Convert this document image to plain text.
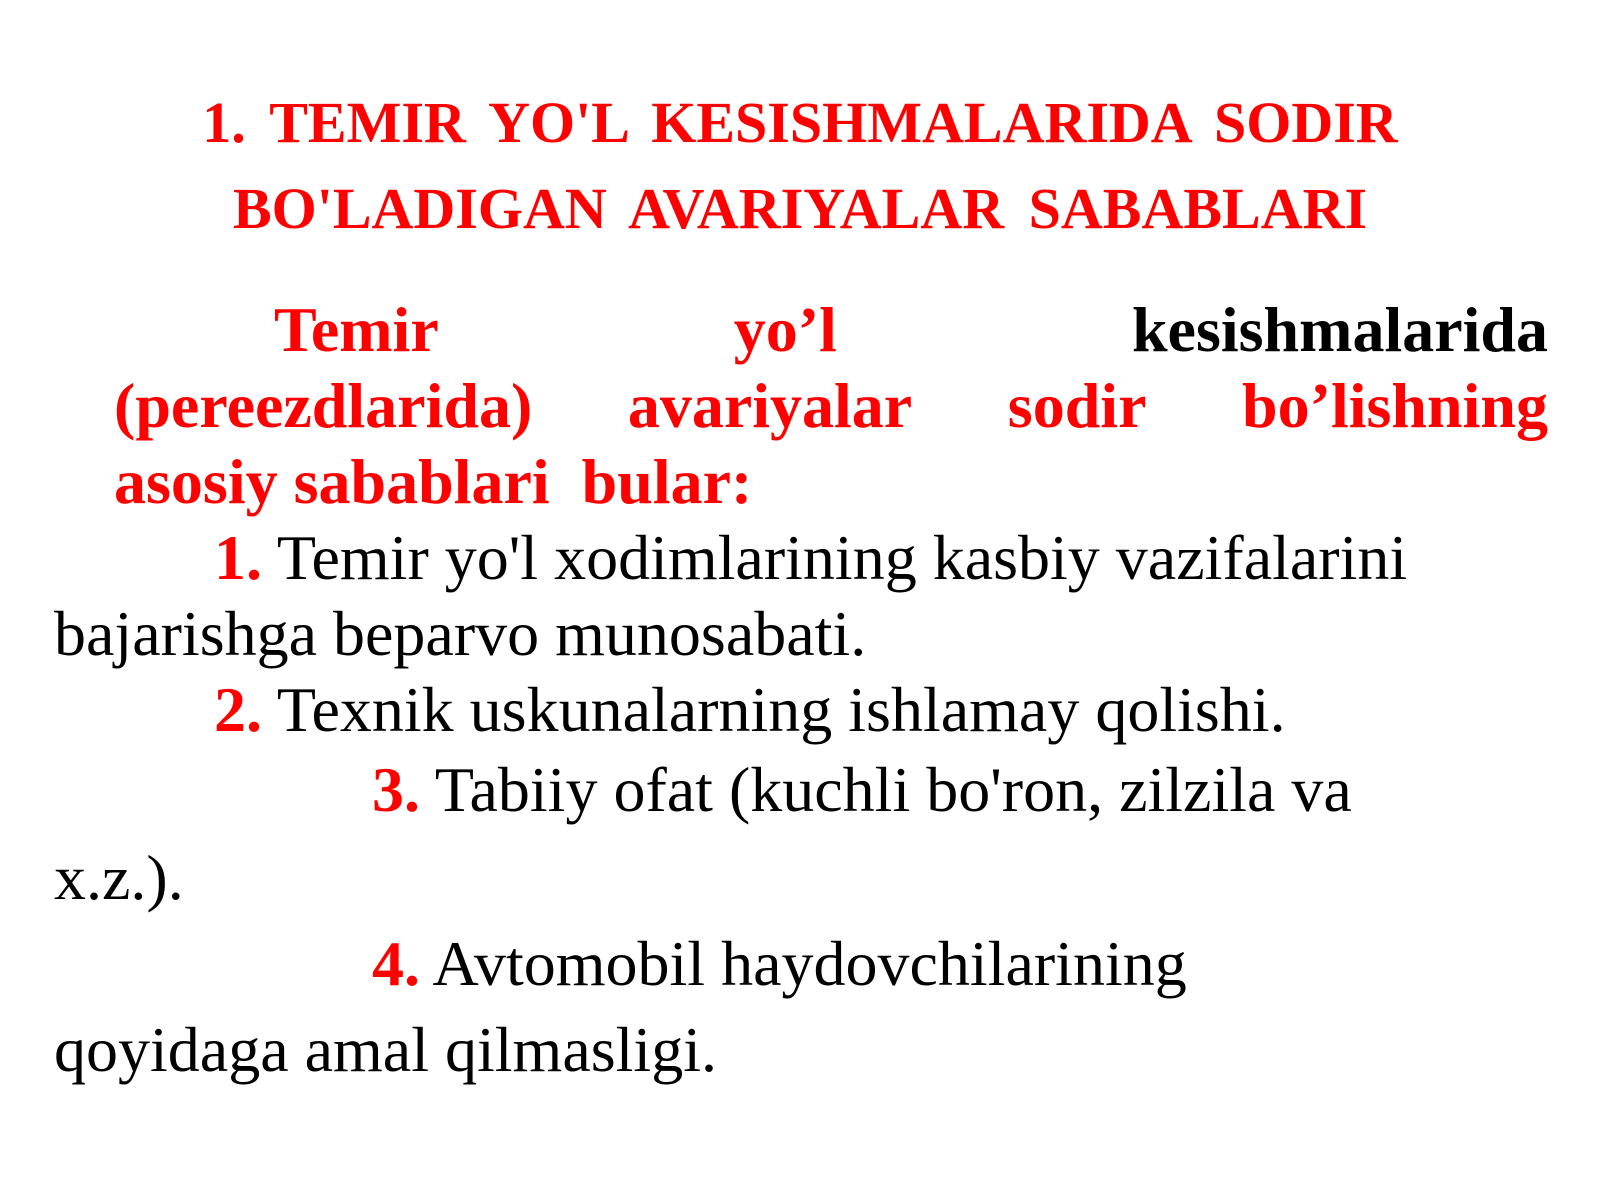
1. TEMIR YO'L KESISHMALARIDA SODIR
BO'LADIGAN AVARIYALAR SABABLARI
Temir	yo’l	kesishmalarida
(pereezdlarida) avariyalar sodir bo’lishning
asosiy sabablari  bular:
1. Temir yo'l xodimlarining kasbiy vazifalarini
bajarishga beparvo munosabati.
2. Texnik uskunalarning ishlamay qolishi.
3. Tabiiy ofat (kuchli bo'ron, zilzila va
x.z.).
4. Avtomobil haydovchilarining
qoyidaga amal qilmasligi.
